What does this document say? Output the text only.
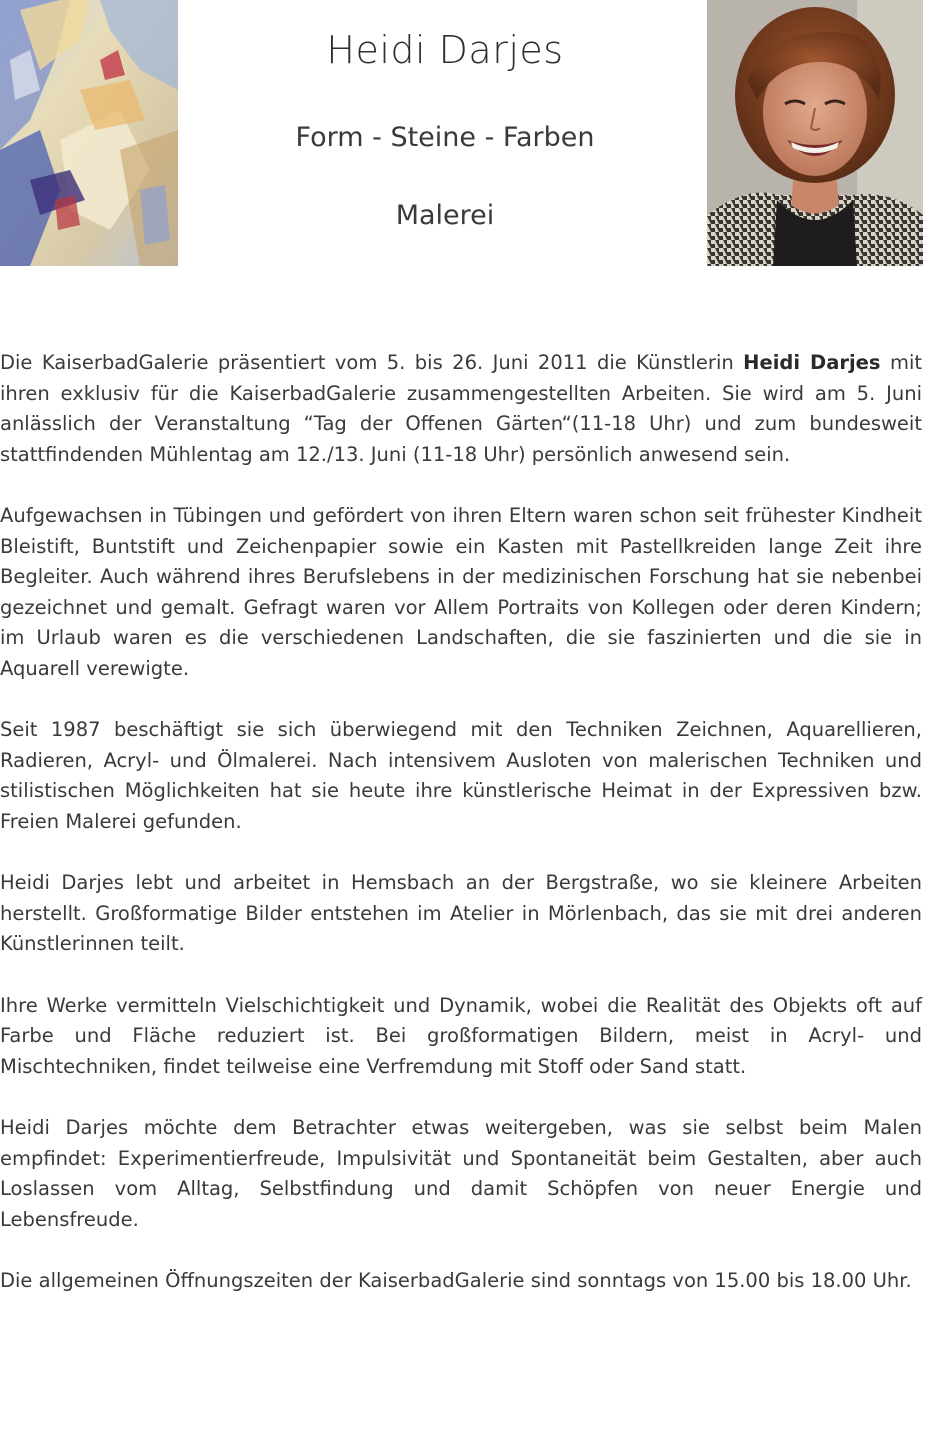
Heidi Darjes
Form - Steine - Farben
Malerei

Die KaiserbadGalerie präsentiert vom 5. bis 26. Juni 2011 die Künstlerin Heidi Darjes mit ihren exklusiv für die KaiserbadGalerie zusammengestellten Arbeiten. Sie wird am 5. Juni anlässlich der Veranstaltung “Tag der Offenen Gärten“(11-18 Uhr) und zum bundesweit stattfindenden Mühlentag am 12./13. Juni (11-18 Uhr) persönlich anwesend sein.

Aufgewachsen in Tübingen und gefördert von ihren Eltern waren schon seit frühester Kindheit Bleistift, Buntstift und Zeichenpapier sowie ein Kasten mit Pastellkreiden lange Zeit ihre Begleiter. Auch während ihres Berufslebens in der medizinischen Forschung hat sie nebenbei gezeichnet und gemalt. Gefragt waren vor Allem Portraits von Kollegen oder deren Kindern; im Urlaub waren es die verschiedenen Landschaften, die sie faszinierten und die sie in Aquarell verewigte.

Seit 1987 beschäftigt sie sich überwiegend mit den Techniken Zeichnen, Aquarellieren, Radieren, Acryl- und Ölmalerei. Nach intensivem Ausloten von malerischen Techniken und stilistischen Möglichkeiten hat sie heute ihre künstlerische Heimat in der Expressiven bzw. Freien Malerei gefunden.

Heidi Darjes lebt und arbeitet in Hemsbach an der Bergstraße, wo sie kleinere Arbeiten herstellt. Großformatige Bilder entstehen im Atelier in Mörlenbach, das sie mit drei anderen Künstlerinnen teilt.

Ihre Werke vermitteln Vielschichtigkeit und Dynamik, wobei die Realität des Objekts oft auf Farbe und Fläche reduziert ist. Bei großformatigen Bildern, meist in Acryl- und Mischtechniken, findet teilweise eine Verfremdung mit Stoff oder Sand statt.

Heidi Darjes möchte dem Betrachter etwas weitergeben, was sie selbst beim Malen empfindet: Experimentierfreude, Impulsivität und Spontaneität beim Gestalten, aber auch Loslassen vom Alltag, Selbstfindung und damit Schöpfen von neuer Energie und Lebensfreude.

Die allgemeinen Öffnungszeiten der KaiserbadGalerie sind sonntags von 15.00 bis 18.00 Uhr.
